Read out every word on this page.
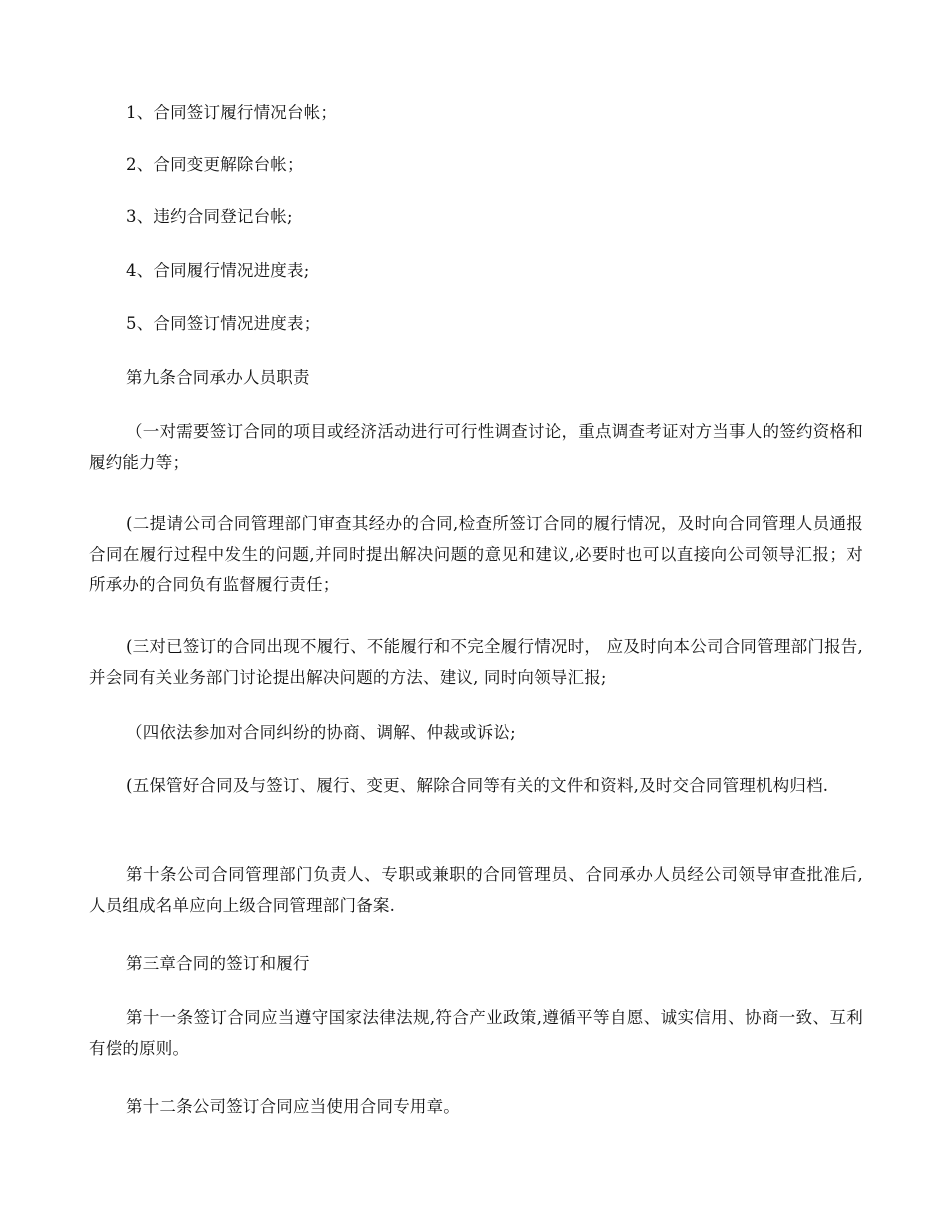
1、合同签订履行情况台帐；

2、合同变更解除台帐；

3、违约合同登记台帐;

4、合同履行情况进度表;

5、合同签订情况进度表；

第九条合同承办人员职责

（一对需要签订合同的项目或经济活动进行可行性调查讨论，重点调查考证对方当事人的签约资格和履约能力等；

(二提请公司合同管理部门审查其经办的合同,检查所签订合同的履行情况，及时向合同管理人员通报合同在履行过程中发生的问题,并同时提出解决问题的意见和建议,必要时也可以直接向公司领导汇报；对所承办的合同负有监督履行责任；

(三对已签订的合同出现不履行、不能履行和不完全履行情况时， 应及时向本公司合同管理部门报告, 并会同有关业务部门讨论提出解决问题的方法、建议, 同时向领导汇报;

（四依法参加对合同纠纷的协商、调解、仲裁或诉讼;

(五保管好合同及与签订、履行、变更、解除合同等有关的文件和资料,及时交合同管理机构归档.

第十条公司合同管理部门负责人、专职或兼职的合同管理员、合同承办人员经公司领导审查批准后,人员组成名单应向上级合同管理部门备案.

第三章合同的签订和履行

第十一条签订合同应当遵守国家法律法规,符合产业政策,遵循平等自愿、诚实信用、协商一致、互利有偿的原则。

第十二条公司签订合同应当使用合同专用章。
